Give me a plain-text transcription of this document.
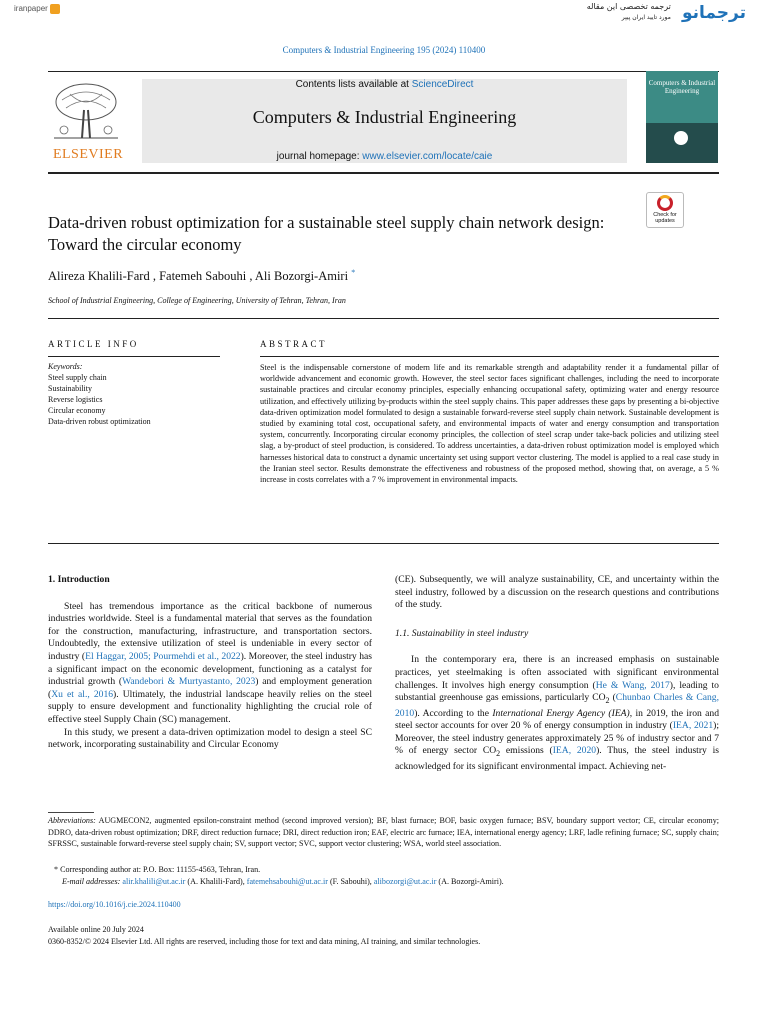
iranpaper	ترجمه تخصصی این مقاله
مورد تایید ایران پیپر ترجمانو
Computers & Industrial Engineering 195 (2024) 110400
ELSEVIER
Contents lists available at ScienceDirect
Computers & Industrial Engineering
journal homepage: www.elsevier.com/locate/caie
Computers & Industrial Engineering
Check for updates
Data-driven robust optimization for a sustainable steel supply chain network design: Toward the circular economy
Alireza Khalili-Fard , Fatemeh Sabouhi , Ali Bozorgi-Amiri *
School of Industrial Engineering, College of Engineering, University of Tehran, Tehran, Iran
ARTICLE INFO
Keywords:
Steel supply chain
Sustainability
Reverse logistics
Circular economy
Data-driven robust optimization
ABSTRACT
Steel is the indispensable cornerstone of modern life and its remarkable strength and adaptability render it a fundamental pillar of worldwide advancement and economic growth. However, the steel sector faces significant challenges, including the need to incorporate sustainable practices and circular economy principles, especially enhancing occupational safety, optimizing water and energy resource utilization, and effectively utilizing by-products within the steel supply chains. This paper addresses these gaps by presenting a bi-objective data-driven optimization model formulated to design a sustainable forward-reverse steel supply chain network. Sustainable development is studied by examining total cost, occupational safety, and environmental impacts of water and energy consumption and transportation system, concurrently. Incorporating circular economy principles, the collection of steel scrap under take-back policies and utilizing steel slag, a by-product of steel production, is considered. To address uncertainties, a data-driven robust optimization model is employed which harnesses historical data to construct a dynamic uncertainty set using support vector clustering. The model is applied to a real case study in the Iranian steel sector. Results demonstrate the effectiveness and robustness of the proposed method, showing that, on average, a 5 % increase in costs correlates with a 7 % improvement in environmental impacts.
1. Introduction

Steel has tremendous importance as the critical backbone of numerous industries worldwide. Steel is a fundamental material that serves as the foundation for the construction, manufacturing, infrastructure, and transportation sectors. Undoubtedly, the extensive utilization of steel is undeniable in every sector of industry (El Haggar, 2005; Pourmehdi et al., 2022). Moreover, the steel industry has a significant impact on the economic development, functioning as a catalyst for industrial growth (Wandebori & Murtyastanto, 2023) and employment generation (Xu et al., 2016). Ultimately, the industrial landscape heavily relies on the steel supply to ensure development and functionality highlighting the crucial role of effective steel Supply Chain (SC) management.

In this study, we present a data-driven optimization model to design a steel SC network, incorporating sustainability and Circular Economy

(CE). Subsequently, we will analyze sustainability, CE, and uncertainty within the steel industry, followed by a discussion on the research questions and contributions of the study.

1.1. Sustainability in steel industry

In the contemporary era, there is an increased emphasis on sustainable practices, yet steelmaking is often associated with significant environmental challenges. It involves high energy consumption (He & Wang, 2017), leading to substantial greenhouse gas emissions, particularly $CO_2$ (Chunbao Charles & Cang, 2010). According to the International Energy Agency (IEA), in 2019, the iron and steel sector accounts for over 20 % of energy consumption in industry (IEA, 2021); Moreover, the steel industry generates approximately 25 % of industry sector and 7 % of energy sector $CO_2$ emissions (IEA, 2020). Thus, the steel industry is acknowledged for its significant environmental impact. Achieving net-

Abbreviations: AUGMECON2, augmented epsilon-constraint method (second improved version); BF, blast furnace; BOF, basic oxygen furnace; BSV, boundary support vector; CE, circular economy; DDRO, data-driven robust optimization; DRF, direct reduction furnace; DRI, direct reduction iron; EAF, electric arc furnace; IEA, international energy agency; LRF, ladle refining furnace; SC, supply chain; SFRSSC, sustainable forward-reverse steel supply chain; SV, support vector; SVC, support vector clustering; WSA, world steel association.
* Corresponding author at: P.O. Box: 11155-4563, Tehran, Iran.
E-mail addresses: alir.khalili@ut.ac.ir (A. Khalili-Fard), fatemehsabouhi@ut.ac.ir (F. Sabouhi), alibozorgi@ut.ac.ir (A. Bozorgi-Amiri).
https://doi.org/10.1016/j.cie.2024.110400
Available online 20 July 2024
0360-8352/© 2024 Elsevier Ltd. All rights are reserved, including those for text and data mining, AI training, and similar technologies.
